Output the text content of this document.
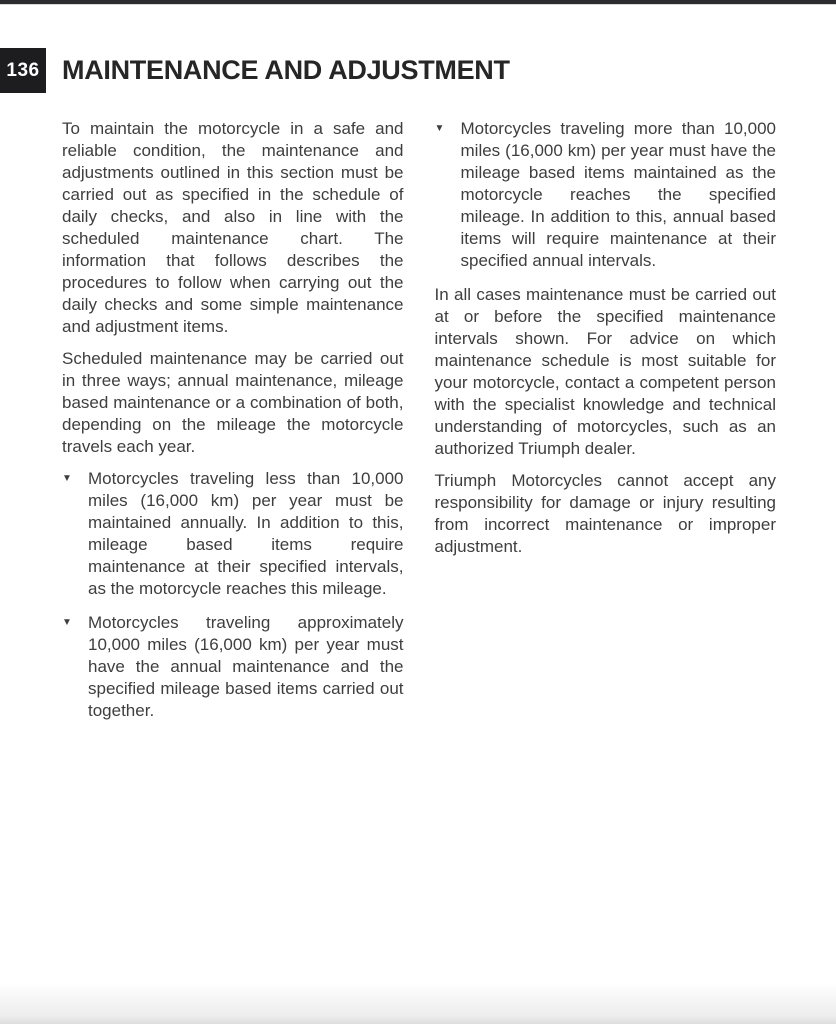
136 MAINTENANCE AND ADJUSTMENT

To maintain the motorcycle in a safe and reliable condition, the maintenance and adjustments outlined in this section must be carried out as specified in the schedule of daily checks, and also in line with the scheduled maintenance chart. The information that follows describes the procedures to follow when carrying out the daily checks and some simple maintenance and adjustment items.

Scheduled maintenance may be carried out in three ways; annual maintenance, mileage based maintenance or a combination of both, depending on the mileage the motorcycle travels each year.

▼ Motorcycles traveling less than 10,000 miles (16,000 km) per year must be maintained annually. In addition to this, mileage based items require maintenance at their specified intervals, as the motorcycle reaches this mileage.
▼ Motorcycles traveling approximately 10,000 miles (16,000 km) per year must have the annual maintenance and the specified mileage based items carried out together.
▼ Motorcycles traveling more than 10,000 miles (16,000 km) per year must have the mileage based items maintained as the motorcycle reaches the specified mileage. In addition to this, annual based items will require maintenance at their specified annual intervals.

In all cases maintenance must be carried out at or before the specified maintenance intervals shown. For advice on which maintenance schedule is most suitable for your motorcycle, contact a competent person with the specialist knowledge and technical understanding of motorcycles, such as an authorized Triumph dealer.

Triumph Motorcycles cannot accept any responsibility for damage or injury resulting from incorrect maintenance or improper adjustment.
